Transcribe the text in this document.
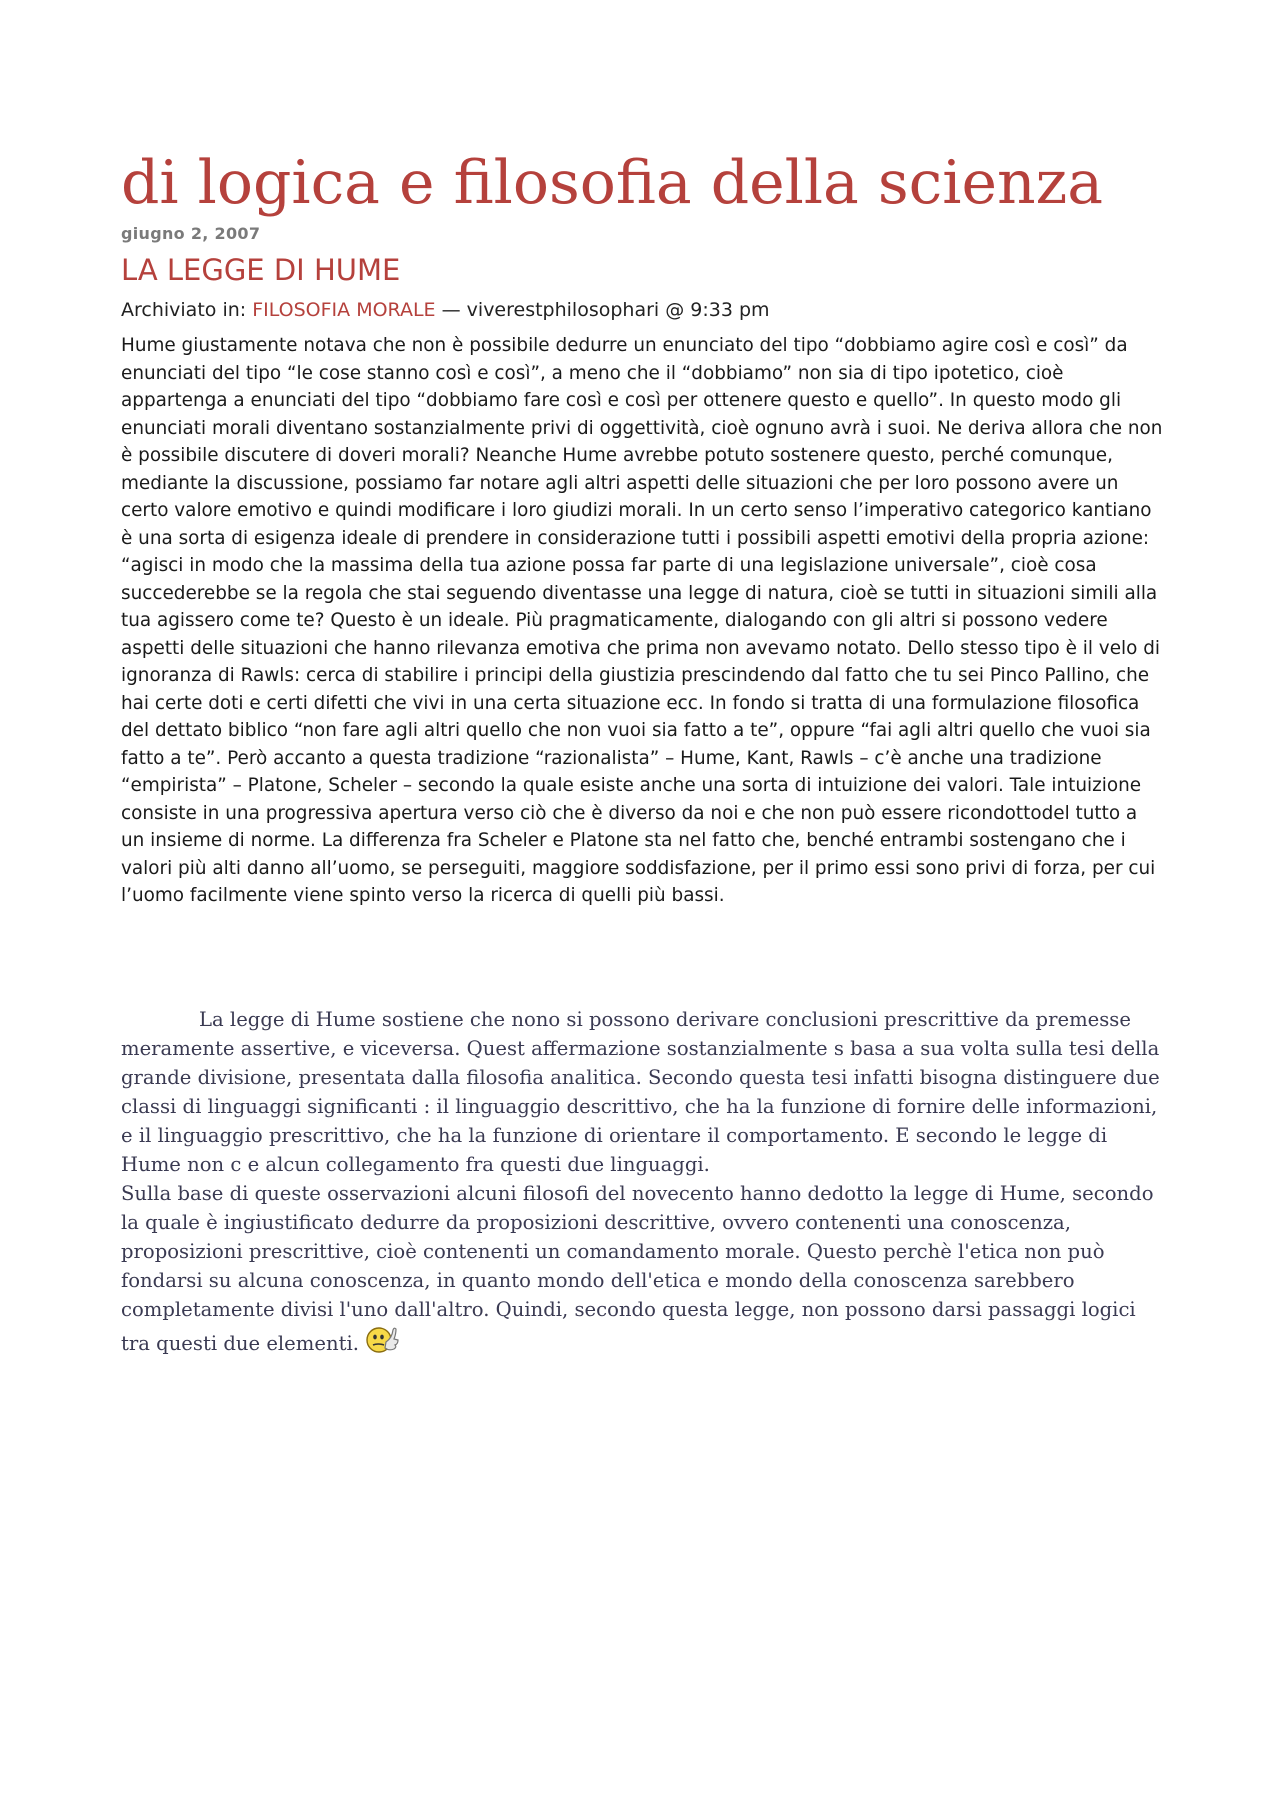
di logica e filosofia della scienza
giugno 2, 2007
LA LEGGE DI HUME
Archiviato in: FILOSOFIA MORALE — viverestphilosophari @ 9:33 pm

Hume giustamente notava che non è possibile dedurre un enunciato del tipo “dobbiamo agire così e così” da enunciati del tipo “le cose stanno così e così”, a meno che il “dobbiamo” non sia di tipo ipotetico, cioè appartenga a enunciati del tipo “dobbiamo fare così e così per ottenere questo e quello”. In questo modo gli enunciati morali diventano sostanzialmente privi di oggettività, cioè ognuno avrà i suoi. Ne deriva allora che non è possibile discutere di doveri morali? Neanche Hume avrebbe potuto sostenere questo, perché comunque, mediante la discussione, possiamo far notare agli altri aspetti delle situazioni che per loro possono avere un certo valore emotivo e quindi modificare i loro giudizi morali. In un certo senso l’imperativo categorico kantiano è una sorta di esigenza ideale di prendere in considerazione tutti i possibili aspetti emotivi della propria azione: “agisci in modo che la massima della tua azione possa far parte di una legislazione universale”, cioè cosa succederebbe se la regola che stai seguendo diventasse una legge di natura, cioè se tutti in situazioni simili alla tua agissero come te? Questo è un ideale. Più pragmaticamente, dialogando con gli altri si possono vedere aspetti delle situazioni che hanno rilevanza emotiva che prima non avevamo notato. Dello stesso tipo è il velo di ignoranza di Rawls: cerca di stabilire i principi della giustizia prescindendo dal fatto che tu sei Pinco Pallino, che hai certe doti e certi difetti che vivi in una certa situazione ecc. In fondo si tratta di una formulazione filosofica del dettato biblico “non fare agli altri quello che non vuoi sia fatto a te”, oppure “fai agli altri quello che vuoi sia fatto a te”. Però accanto a questa tradizione “razionalista” – Hume, Kant, Rawls – c’è anche una tradizione “empirista” – Platone, Scheler – secondo la quale esiste anche una sorta di intuizione dei valori. Tale intuizione consiste in una progressiva apertura verso ciò che è diverso da noi e che non può essere ricondottodel tutto a un insieme di norme. La differenza fra Scheler e Platone sta nel fatto che, benché entrambi sostengano che i valori più alti danno all’uomo, se perseguiti, maggiore soddisfazione, per il primo essi sono privi di forza, per cui l’uomo facilmente viene spinto verso la ricerca di quelli più bassi.

La legge di Hume sostiene che nono si possono derivare conclusioni prescrittive da premesse meramente assertive, e viceversa. Quest affermazione sostanzialmente s basa a sua volta sulla tesi della grande divisione, presentata dalla filosofia analitica. Secondo questa tesi infatti bisogna distinguere due classi di linguaggi significanti : il linguaggio descrittivo, che ha la funzione di fornire delle informazioni, e il linguaggio prescrittivo, che ha la funzione di orientare il comportamento. E secondo le legge di Hume non c e alcun collegamento fra questi due linguaggi.

Sulla base di queste osservazioni alcuni filosofi del novecento hanno dedotto la legge di Hume, secondo la quale è ingiustificato dedurre da proposizioni descrittive, ovvero contenenti una conoscenza, proposizioni prescrittive, cioè contenenti un comandamento morale. Questo perchè l'etica non può fondarsi su alcuna conoscenza, in quanto mondo dell'etica e mondo della conoscenza sarebbero completamente divisi l'uno dall'altro. Quindi, secondo questa legge, non possono darsi passaggi logici tra questi due elementi.
